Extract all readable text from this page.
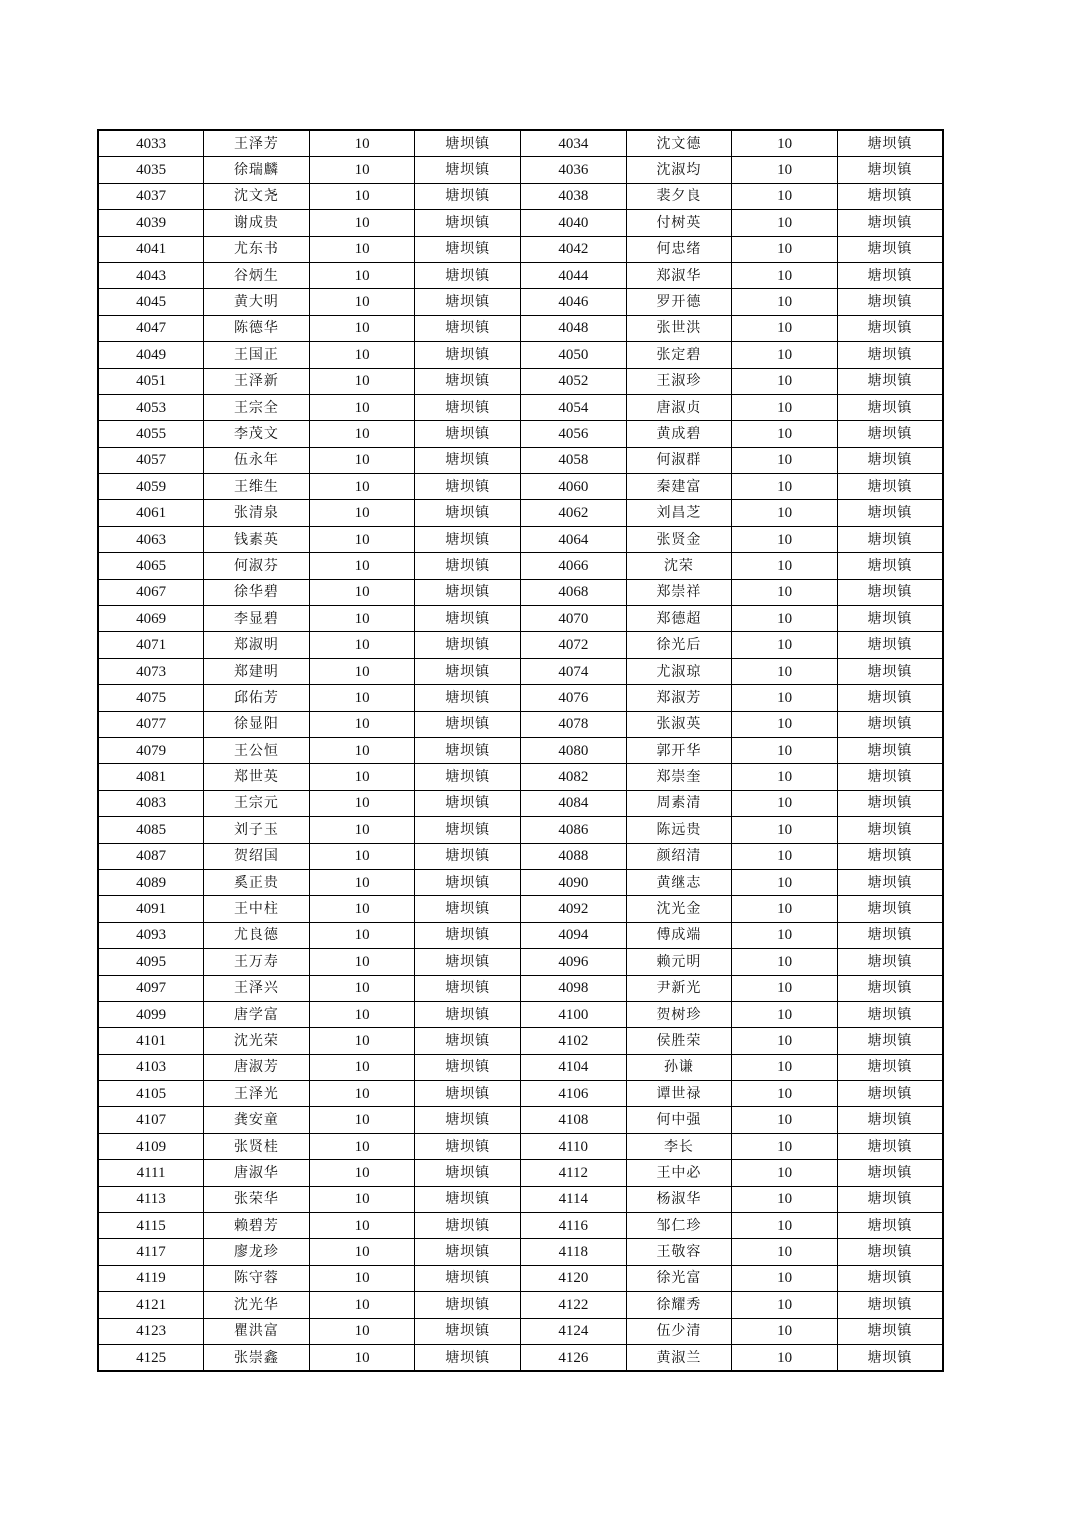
4033	王泽芳	10	塘坝镇	4034	沈文德	10	塘坝镇
4035	徐瑞麟	10	塘坝镇	4036	沈淑均	10	塘坝镇
4037	沈文尧	10	塘坝镇	4038	裴夕良	10	塘坝镇
4039	谢成贵	10	塘坝镇	4040	付树英	10	塘坝镇
4041	尤东书	10	塘坝镇	4042	何忠绪	10	塘坝镇
4043	谷炳生	10	塘坝镇	4044	郑淑华	10	塘坝镇
4045	黄大明	10	塘坝镇	4046	罗开德	10	塘坝镇
4047	陈德华	10	塘坝镇	4048	张世洪	10	塘坝镇
4049	王国正	10	塘坝镇	4050	张定碧	10	塘坝镇
4051	王泽新	10	塘坝镇	4052	王淑珍	10	塘坝镇
4053	王宗全	10	塘坝镇	4054	唐淑贞	10	塘坝镇
4055	李茂文	10	塘坝镇	4056	黄成碧	10	塘坝镇
4057	伍永年	10	塘坝镇	4058	何淑群	10	塘坝镇
4059	王维生	10	塘坝镇	4060	秦建富	10	塘坝镇
4061	张清泉	10	塘坝镇	4062	刘昌芝	10	塘坝镇
4063	钱素英	10	塘坝镇	4064	张贤金	10	塘坝镇
4065	何淑芬	10	塘坝镇	4066	沈荣	10	塘坝镇
4067	徐华碧	10	塘坝镇	4068	郑崇祥	10	塘坝镇
4069	李显碧	10	塘坝镇	4070	郑德超	10	塘坝镇
4071	郑淑明	10	塘坝镇	4072	徐光后	10	塘坝镇
4073	郑建明	10	塘坝镇	4074	尤淑琼	10	塘坝镇
4075	邱佑芳	10	塘坝镇	4076	郑淑芳	10	塘坝镇
4077	徐显阳	10	塘坝镇	4078	张淑英	10	塘坝镇
4079	王公恒	10	塘坝镇	4080	郭开华	10	塘坝镇
4081	郑世英	10	塘坝镇	4082	郑崇奎	10	塘坝镇
4083	王宗元	10	塘坝镇	4084	周素清	10	塘坝镇
4085	刘子玉	10	塘坝镇	4086	陈远贵	10	塘坝镇
4087	贺绍国	10	塘坝镇	4088	颜绍清	10	塘坝镇
4089	奚正贵	10	塘坝镇	4090	黄继志	10	塘坝镇
4091	王中柱	10	塘坝镇	4092	沈光金	10	塘坝镇
4093	尤良德	10	塘坝镇	4094	傅成端	10	塘坝镇
4095	王万寿	10	塘坝镇	4096	赖元明	10	塘坝镇
4097	王泽兴	10	塘坝镇	4098	尹新光	10	塘坝镇
4099	唐学富	10	塘坝镇	4100	贺树珍	10	塘坝镇
4101	沈光荣	10	塘坝镇	4102	侯胜荣	10	塘坝镇
4103	唐淑芳	10	塘坝镇	4104	孙谦	10	塘坝镇
4105	王泽光	10	塘坝镇	4106	谭世禄	10	塘坝镇
4107	龚安童	10	塘坝镇	4108	何中强	10	塘坝镇
4109	张贤桂	10	塘坝镇	4110	李长	10	塘坝镇
4111	唐淑华	10	塘坝镇	4112	王中必	10	塘坝镇
4113	张荣华	10	塘坝镇	4114	杨淑华	10	塘坝镇
4115	赖碧芳	10	塘坝镇	4116	邹仁珍	10	塘坝镇
4117	廖龙珍	10	塘坝镇	4118	王敬容	10	塘坝镇
4119	陈守蓉	10	塘坝镇	4120	徐光富	10	塘坝镇
4121	沈光华	10	塘坝镇	4122	徐耀秀	10	塘坝镇
4123	瞿洪富	10	塘坝镇	4124	伍少清	10	塘坝镇
4125	张崇鑫	10	塘坝镇	4126	黄淑兰	10	塘坝镇
